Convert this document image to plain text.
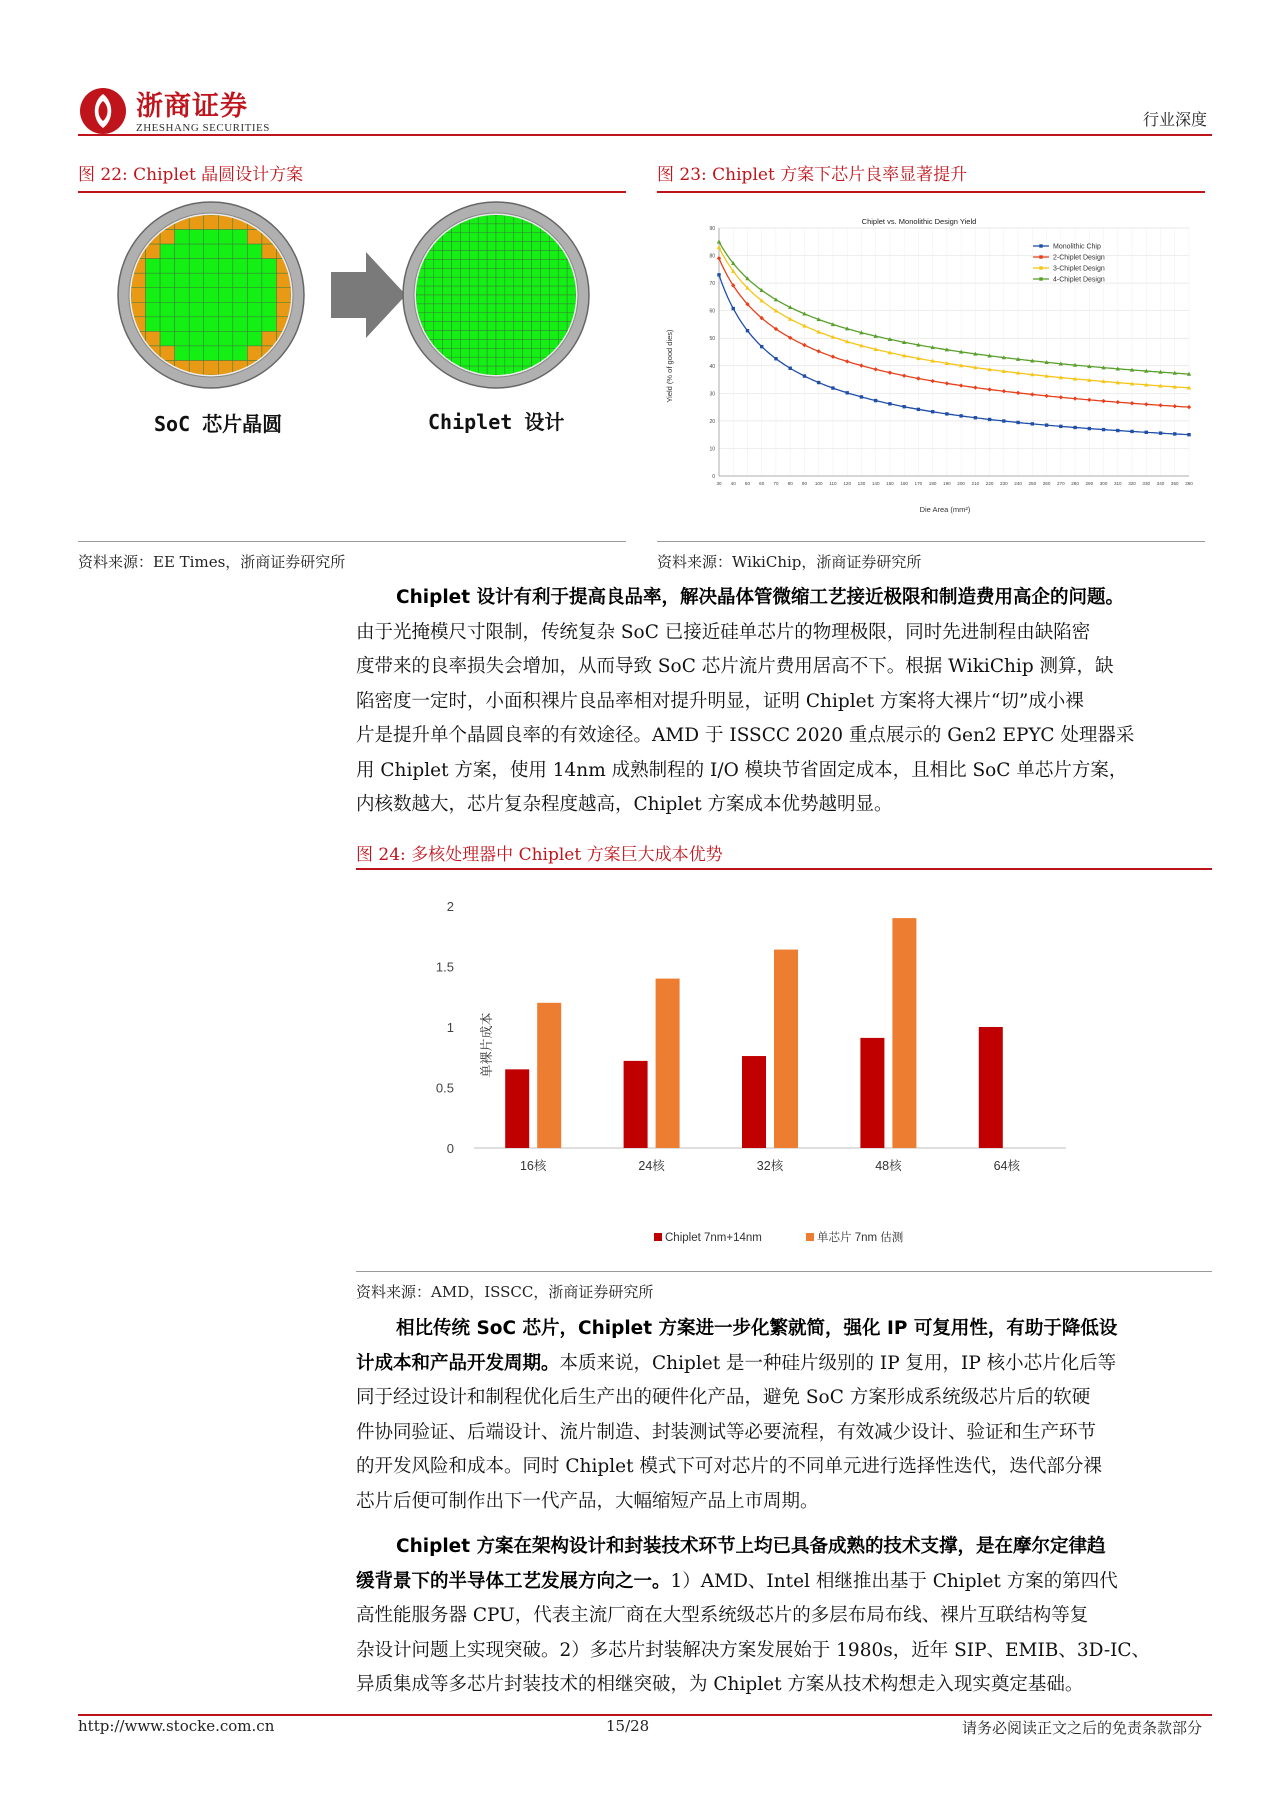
浙商证券
ZHESHANG SECURITIES	行业深度
图 22: Chiplet 晶圆设计方案
SoC 芯片晶圆	Chiplet 设计
资料来源：EE Times，浙商证券研究所
图 23: Chiplet 方案下芯片良率显著提升
Chiplet vs. Monolithic Design Yield
0
10
20
30
40
50
60
70
80
90
30 40 50 60 70 80 90 100 110 120 130 140 150 160 170 180 190 200 210 220 230 240 250 260 270 280 290 300 310 320 330 340 350 360
Monolithic Chip
2-Chiplet Design
3-Chiplet Design
4-Chiplet Design
Yield (% of good dies)
Die Area (mm²)
资料来源：WikiChip，浙商证券研究所
Chiplet 设计有利于提高良品率，解决晶体管微缩工艺接近极限和制造费用高企的问题。
由于光掩模尺寸限制，传统复杂 SoC 已接近硅单芯片的物理极限，同时先进制程由缺陷密
度带来的良率损失会增加，从而导致 SoC 芯片流片费用居高不下。根据 WikiChip 测算，缺
陷密度一定时，小面积裸片良品率相对提升明显，证明 Chiplet 方案将大裸片“切”成小裸
片是提升单个晶圆良率的有效途径。AMD 于 ISSCC 2020 重点展示的 Gen2 EPYC 处理器采
用 Chiplet 方案，使用 14nm 成熟制程的 I/O 模块节省固定成本，且相比 SoC 单芯片方案，
内核数越大，芯片复杂程度越高，Chiplet 方案成本优势越明显。
图 24: 多核处理器中 Chiplet 方案巨大成本优势
0
0.5
1
1.5
2
16核	24核	32核	48核	64核
Chiplet 7nm+14nm	单芯片 7nm 估测
单裸片成本
资料来源：AMD，ISSCC，浙商证券研究所
相比传统 SoC 芯片，Chiplet 方案进一步化繁就简，强化 IP 可复用性，有助于降低设
计成本和产品开发周期。本质来说，Chiplet 是一种硅片级别的 IP 复用，IP 核小芯片化后等
同于经过设计和制程优化后生产出的硬件化产品，避免 SoC 方案形成系统级芯片后的软硬
件协同验证、后端设计、流片制造、封装测试等必要流程，有效减少设计、验证和生产环节
的开发风险和成本。同时 Chiplet 模式下可对芯片的不同单元进行选择性迭代，迭代部分裸
芯片后便可制作出下一代产品，大幅缩短产品上市周期。
Chiplet 方案在架构设计和封装技术环节上均已具备成熟的技术支撑，是在摩尔定律趋
缓背景下的半导体工艺发展方向之一。1）AMD、Intel 相继推出基于 Chiplet 方案的第四代
高性能服务器 CPU，代表主流厂商在大型系统级芯片的多层布局布线、裸片互联结构等复
杂设计问题上实现突破。2）多芯片封装解决方案发展始于 1980s，近年 SIP、EMIB、3D-IC、
异质集成等多芯片封装技术的相继突破，为 Chiplet 方案从技术构想走入现实奠定基础。
http://www.stocke.com.cn	15/28	请务必阅读正文之后的免责条款部分
